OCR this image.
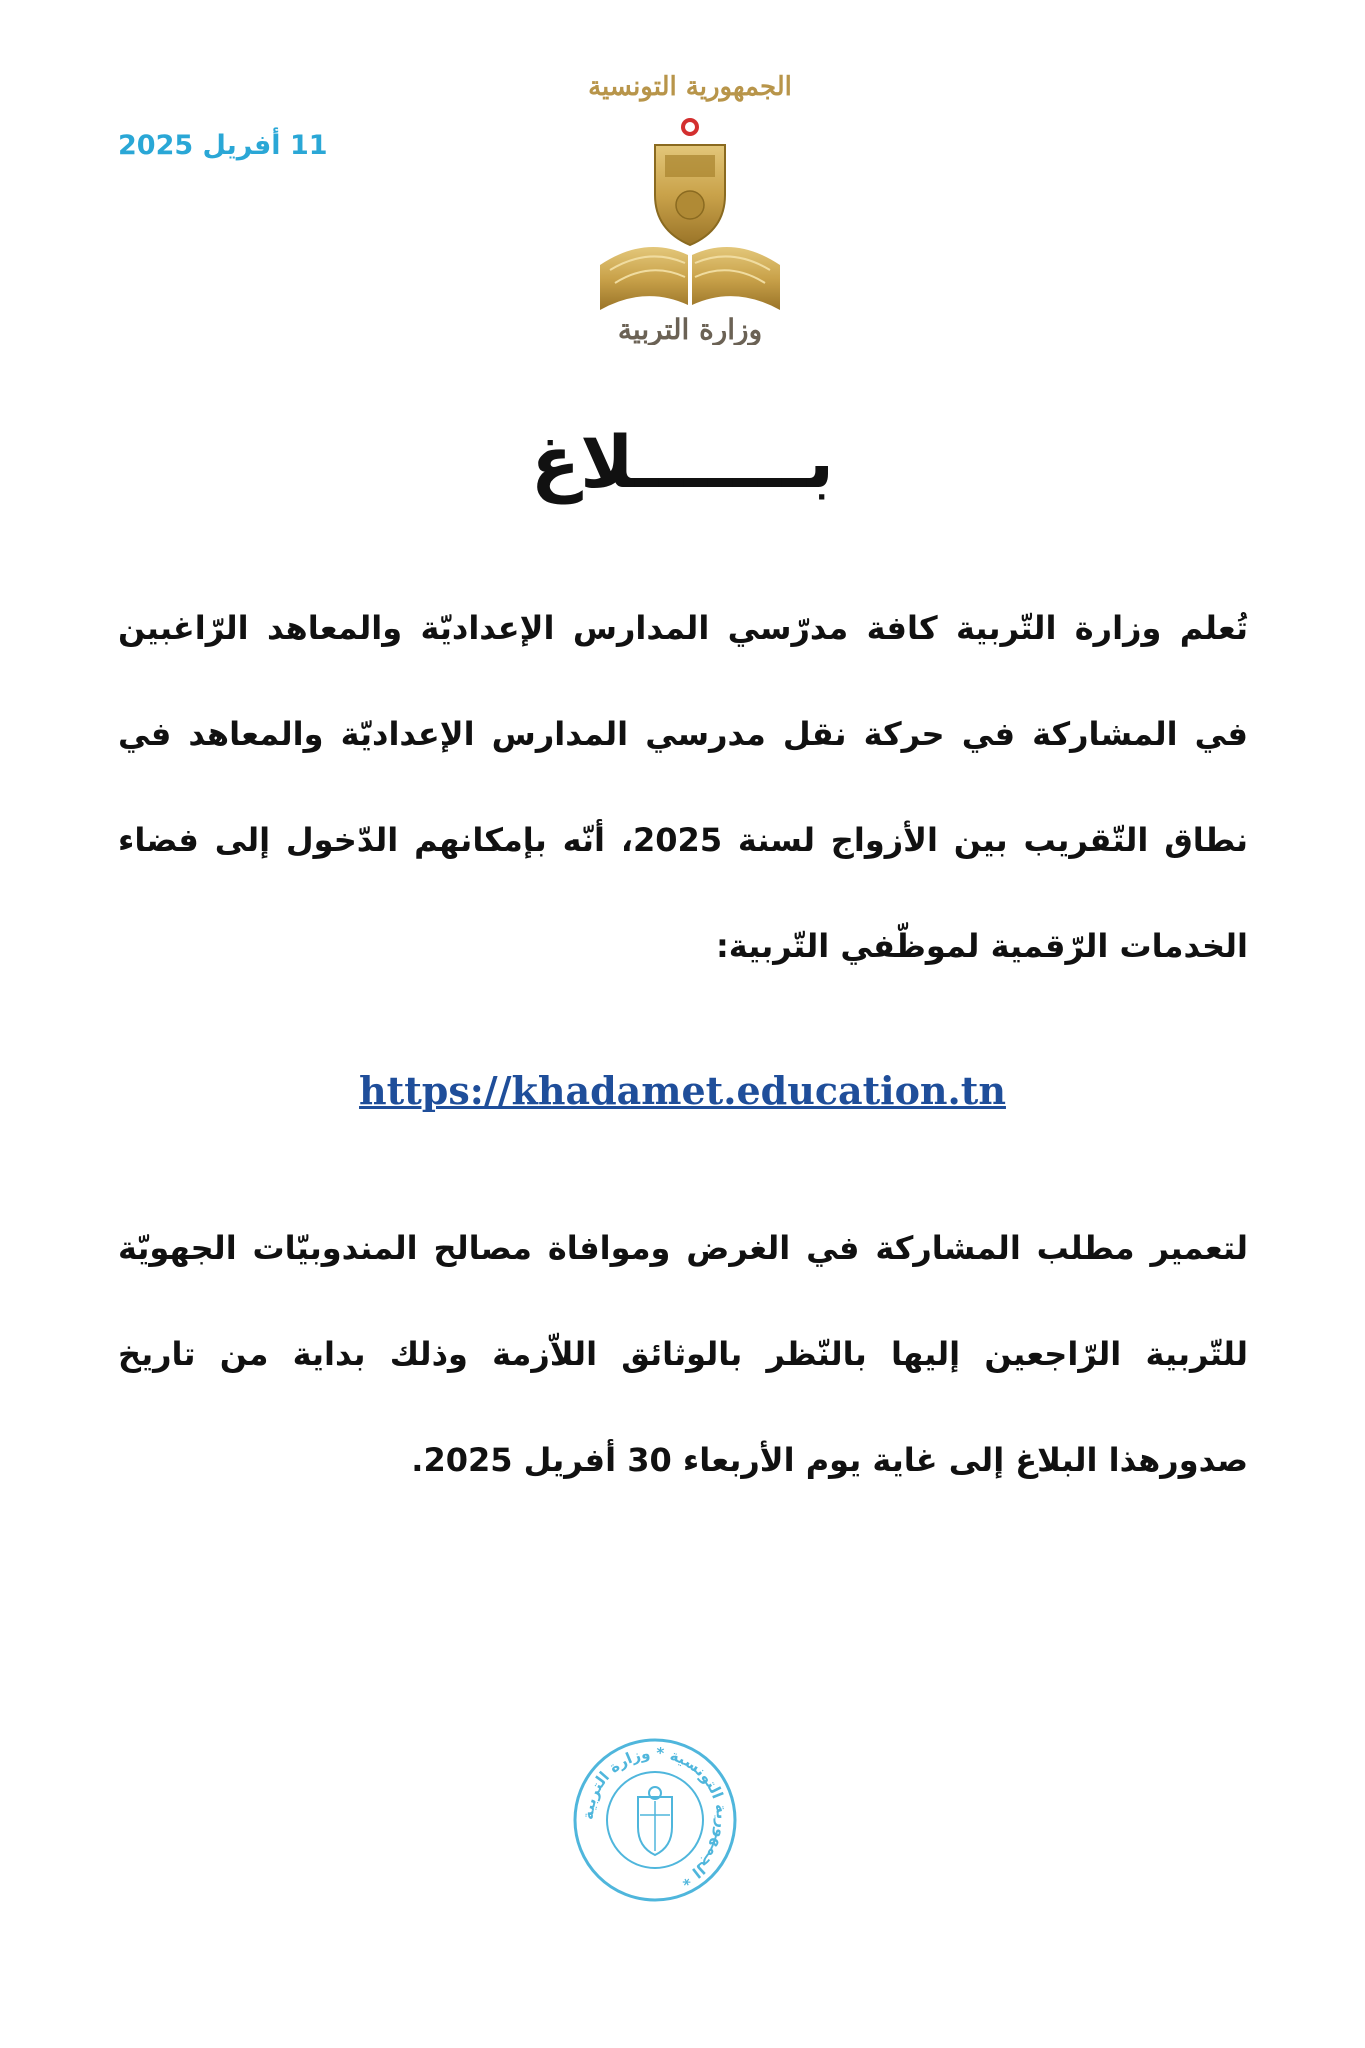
11 أفريل 2025
الجمهورية التونسية
وزارة التربية
بـــــــلاغ
تُعلم وزارة التّربية كافة مدرّسي المدارس الإعداديّة والمعاهد الرّاغبين في المشاركة في حركة نقل مدرسي المدارس الإعداديّة والمعاهد في نطاق التّقريب بين الأزواج لسنة 2025، أنّه بإمكانهم الدّخول إلى فضاء الخدمات الرّقمية لموظّفي التّربية:
https://khadamet.education.tn
لتعمير مطلب المشاركة في الغرض وموافاة مصالح المندوبيّات الجهويّة للتّربية الرّاجعين إليها بالنّظر بالوثائق اللاّزمة وذلك بداية من تاريخ صدورهذا البلاغ إلى غاية يوم الأربعاء 30 أفريل 2025.
الجمهورية التونسية * وزارة التربية *
